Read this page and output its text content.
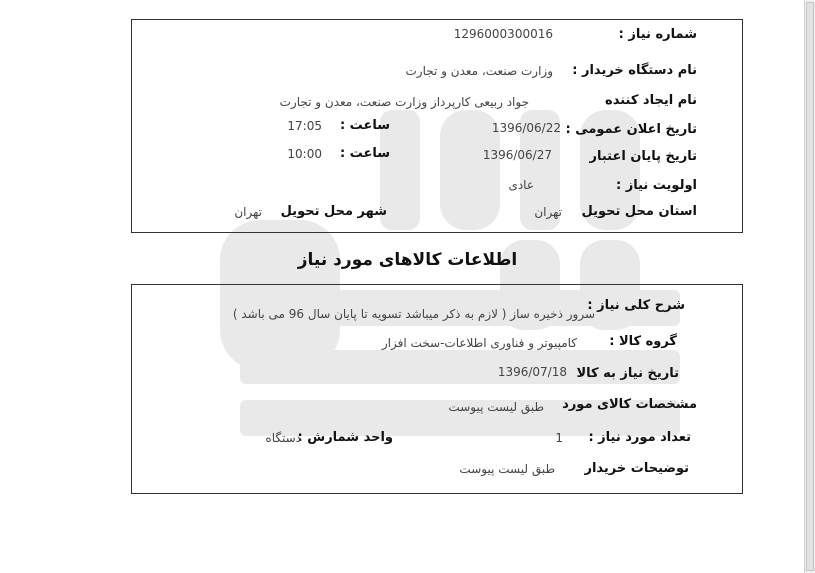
شماره نیاز :
1296000300016
نام دستگاه خریدار :
وزارت صنعت، معدن و تجارت
نام ایجاد کننده
جواد ربیعی کارپرداز وزارت صنعت، معدن و تجارت
تاریخ اعلان عمومی :
1396/06/22
ساعت :
17:05
تاریخ پایان اعتبار
1396/06/27
ساعت :
10:00
اولویت نیاز :
عادی
استان محل تحویل
تهران
شهر محل تحویل
تهران
اطلاعات کالاهای مورد نیاز
شرح کلی نیاز :
سرور ذخیره ساز ( لازم به ذکر میباشد تسویه تا پایان سال 96 می باشد )
گروه کالا :
کامپیوتر و فناوری اطلاعات-سخت افزار
تاریخ نیاز به کالا
1396/07/18
مشخصات کالای مورد
طبق لیست پیوست
تعداد مورد نیاز :
1
واحد شمارش :
دستگاه
توضیحات خریدار
طبق لیست پیوست
